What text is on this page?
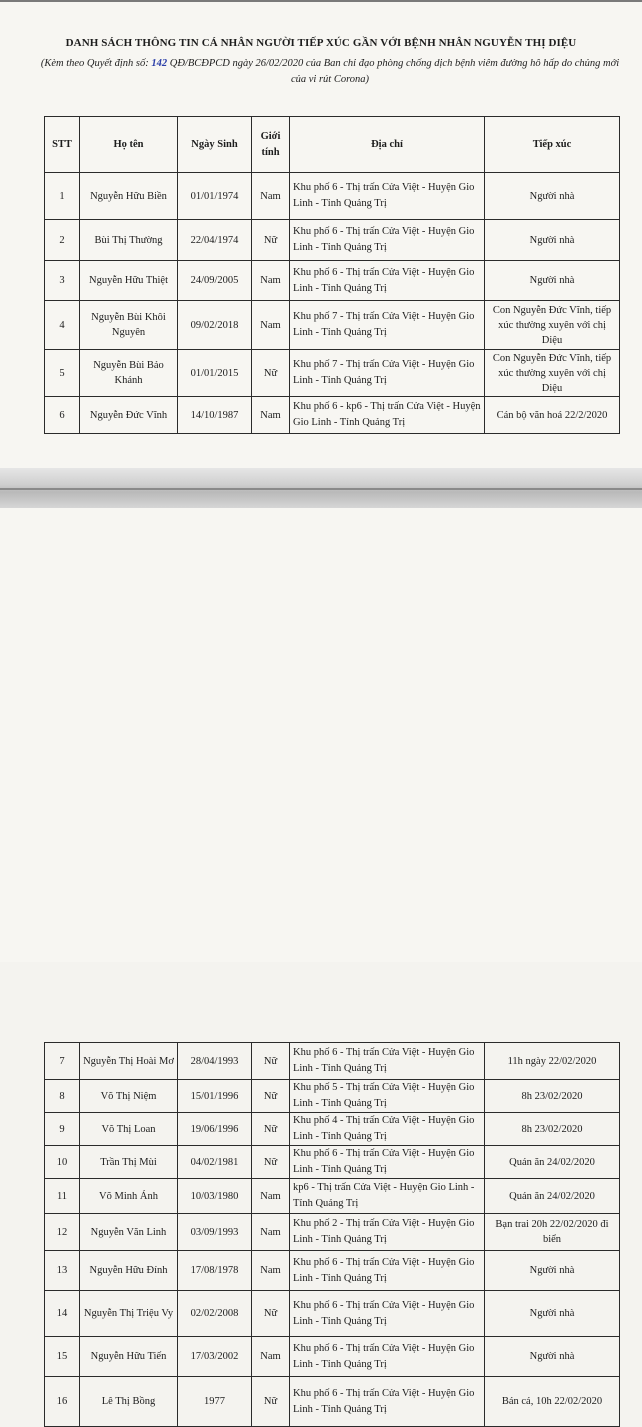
DANH SÁCH THÔNG TIN CÁ NHÂN NGƯỜI TIẾP XÚC GẦN VỚI BỆNH NHÂN NGUYỄN THỊ DIỆU
(Kèm theo Quyết định số: 142 QĐ/BCĐPCD ngày 26/02/2020 của Ban chỉ đạo phòng chống dịch bệnh viêm đường hô hấp do chủng mới của vi rút Corona)
STT	Họ tên	Ngày Sinh	Giới tính	Địa chỉ	Tiếp xúc
1	Nguyễn Hữu Biền	01/01/1974	Nam	Khu phố 6 - Thị trấn Cửa Việt - Huyện Gio Linh - Tỉnh Quảng Trị	Người nhà
2	Bùi Thị Thường	22/04/1974	Nữ	Khu phố 6 - Thị trấn Cửa Việt - Huyện Gio Linh - Tỉnh Quảng Trị	Người nhà
3	Nguyễn Hữu Thiệt	24/09/2005	Nam	Khu phố 6 - Thị trấn Cửa Việt - Huyện Gio Linh - Tỉnh Quảng Trị	Người nhà
4	Nguyễn Bùi Khôi Nguyên	09/02/2018	Nam	Khu phố 7 - Thị trấn Cửa Việt - Huyện Gio Linh - Tỉnh Quảng Trị	Con Nguyễn Đức Vĩnh, tiếp xúc thường xuyên với chị Diệu
5	Nguyễn Bùi Bảo Khánh	01/01/2015	Nữ	Khu phố 7 - Thị trấn Cửa Việt - Huyện Gio Linh - Tỉnh Quảng Trị	Con Nguyễn Đức Vĩnh, tiếp xúc thường xuyên với chị Diệu
6	Nguyễn Đức Vĩnh	14/10/1987	Nam	Khu phố 6 - kp6 - Thị trấn Cửa Việt - Huyện Gio Linh - Tỉnh Quảng Trị	Cán bộ văn hoá 22/2/2020
7	Nguyễn Thị Hoài Mơ	28/04/1993	Nữ	Khu phố 6 - Thị trấn Cửa Việt - Huyện Gio Linh - Tỉnh Quảng Trị	11h ngày 22/02/2020
8	Võ Thị Niệm	15/01/1996	Nữ	Khu phố 5 - Thị trấn Cửa Việt - Huyện Gio Linh - Tỉnh Quảng Trị	8h 23/02/2020
9	Võ Thị Loan	19/06/1996	Nữ	Khu phố 4 - Thị trấn Cửa Việt - Huyện Gio Linh - Tỉnh Quảng Trị	8h 23/02/2020
10	Trần Thị Mùi	04/02/1981	Nữ	Khu phố 6 - Thị trấn Cửa Việt - Huyện Gio Linh - Tỉnh Quảng Trị	Quán ăn 24/02/2020
11	Võ Minh Ánh	10/03/1980	Nam	kp6 - Thị trấn Cửa Việt - Huyện Gio Linh - Tỉnh Quảng Trị	Quán ăn 24/02/2020
12	Nguyễn Văn Linh	03/09/1993	Nam	Khu phố 2 - Thị trấn Cửa Việt - Huyện Gio Linh - Tỉnh Quảng Trị	Bạn trai 20h 22/02/2020 đi biển
13	Nguyễn Hữu Đính	17/08/1978	Nam	Khu phố 6 - Thị trấn Cửa Việt - Huyện Gio Linh - Tỉnh Quảng Trị	Người nhà
14	Nguyễn Thị Triệu Vy	02/02/2008	Nữ	Khu phố 6 - Thị trấn Cửa Việt - Huyện Gio Linh - Tỉnh Quảng Trị	Người nhà
15	Nguyễn Hữu Tiến	17/03/2002	Nam	Khu phố 6 - Thị trấn Cửa Việt - Huyện Gio Linh - Tỉnh Quảng Trị	Người nhà
16	Lê Thị Bồng	1977	Nữ	Khu phố 6 - Thị trấn Cửa Việt - Huyện Gio Linh - Tỉnh Quảng Trị	Bán cá, 10h 22/02/2020
